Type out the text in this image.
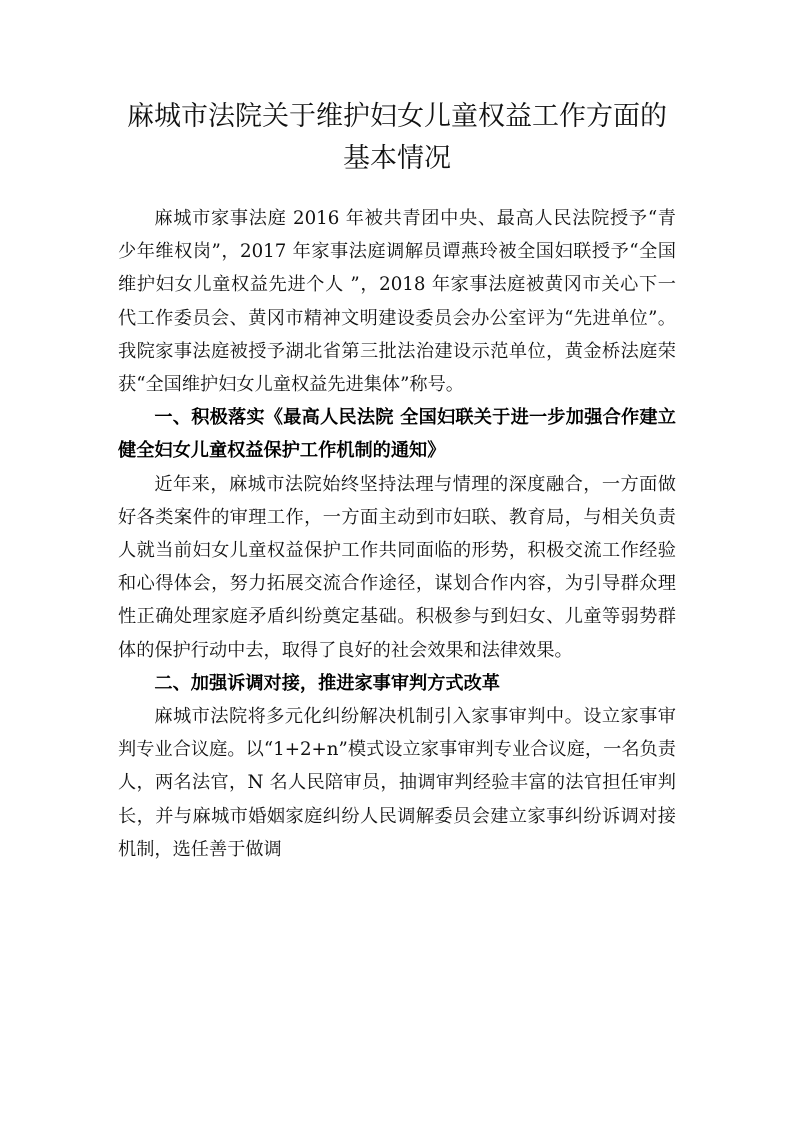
麻城市法院关于维护妇女儿童权益工作方面的基本情况

麻城市家事法庭 2016 年被共青团中央、最高人民法院授予“青少年维权岗”，2017 年家事法庭调解员谭燕玲被全国妇联授予“全国维护妇女儿童权益先进个人 ”，2018 年家事法庭被黄冈市关心下一代工作委员会、黄冈市精神文明建设委员会办公室评为“先进单位”。我院家事法庭被授予湖北省第三批法治建设示范单位，黄金桥法庭荣获“全国维护妇女儿童权益先进集体”称号。

一、积极落实《最高人民法院 全国妇联关于进一步加强合作建立健全妇女儿童权益保护工作机制的通知》

近年来，麻城市法院始终坚持法理与情理的深度融合，一方面做好各类案件的审理工作，一方面主动到市妇联、教育局，与相关负责人就当前妇女儿童权益保护工作共同面临的形势，积极交流工作经验和心得体会，努力拓展交流合作途径，谋划合作内容，为引导群众理性正确处理家庭矛盾纠纷奠定基础。积极参与到妇女、儿童等弱势群体的保护行动中去，取得了良好的社会效果和法律效果。

二、加强诉调对接，推进家事审判方式改革

麻城市法院将多元化纠纷解决机制引入家事审判中。设立家事审判专业合议庭。以“1+2+n”模式设立家事审判专业合议庭，一名负责人，两名法官，N 名人民陪审员，抽调审判经验丰富的法官担任审判长，并与麻城市婚姻家庭纠纷人民调解委员会建立家事纠纷诉调对接机制，选任善于做调
